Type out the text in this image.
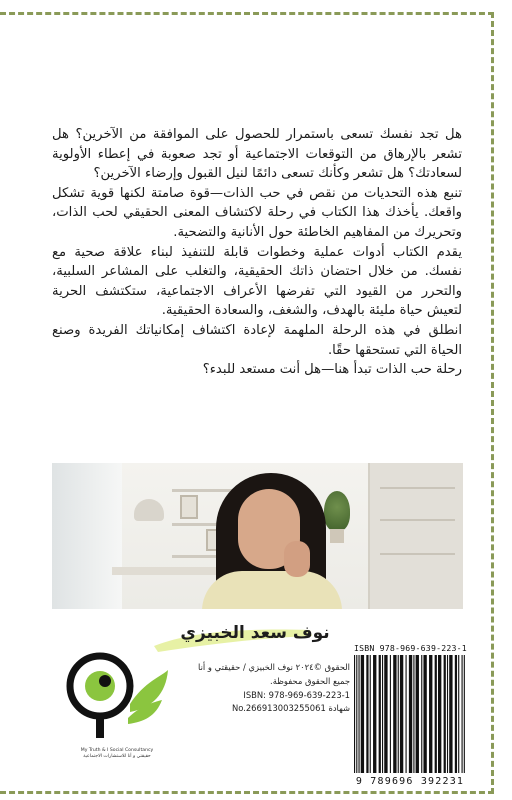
هل تجد نفسك تسعى باستمرار للحصول على الموافقة من الآخرين؟ هل تشعر بالإرهاق من التوقعات الاجتماعية أو تجد صعوبة في إعطاء الأولوية لسعادتك؟ هل تشعر وكأنك تسعى دائمًا لنيل القبول وإرضاء الآخرين؟

تنبع هذه التحديات من نقص في حب الذات—قوة صامتة لكنها قوية تشكل واقعك. يأخذك هذا الكتاب في رحلة لاكتشاف المعنى الحقيقي لحب الذات، وتحريرك من المفاهيم الخاطئة حول الأنانية والتضحية.

يقدم الكتاب أدوات عملية وخطوات قابلة للتنفيذ لبناء علاقة صحية مع نفسك. من خلال احتضان ذاتك الحقيقية، والتغلب على المشاعر السلبية، والتحرر من القيود التي تفرضها الأعراف الاجتماعية، ستكتشف الحرية لتعيش حياة مليئة بالهدف، والشغف، والسعادة الحقيقية.

انطلق في هذه الرحلة الملهمة لإعادة اكتشاف إمكانياتك الفريدة وصنع الحياة التي تستحقها حقًا.

رحلة حب الذات تبدأ هنا—هل أنت مستعد للبدء؟

نوف سعد الخبيزي
My Truth & I Social Consultancy
حقيقتي و أنا للاستشارات الاجتماعية
الحقوق ©٢٠٢٤ نوف الخبيزي / حقيقتي و أنا
جميع الحقوق محفوظة.
ISBN: 978-969-639-223-1
شهادة No.266913003255061
ISBN 978-969-639-223-1
9 789696 392231
